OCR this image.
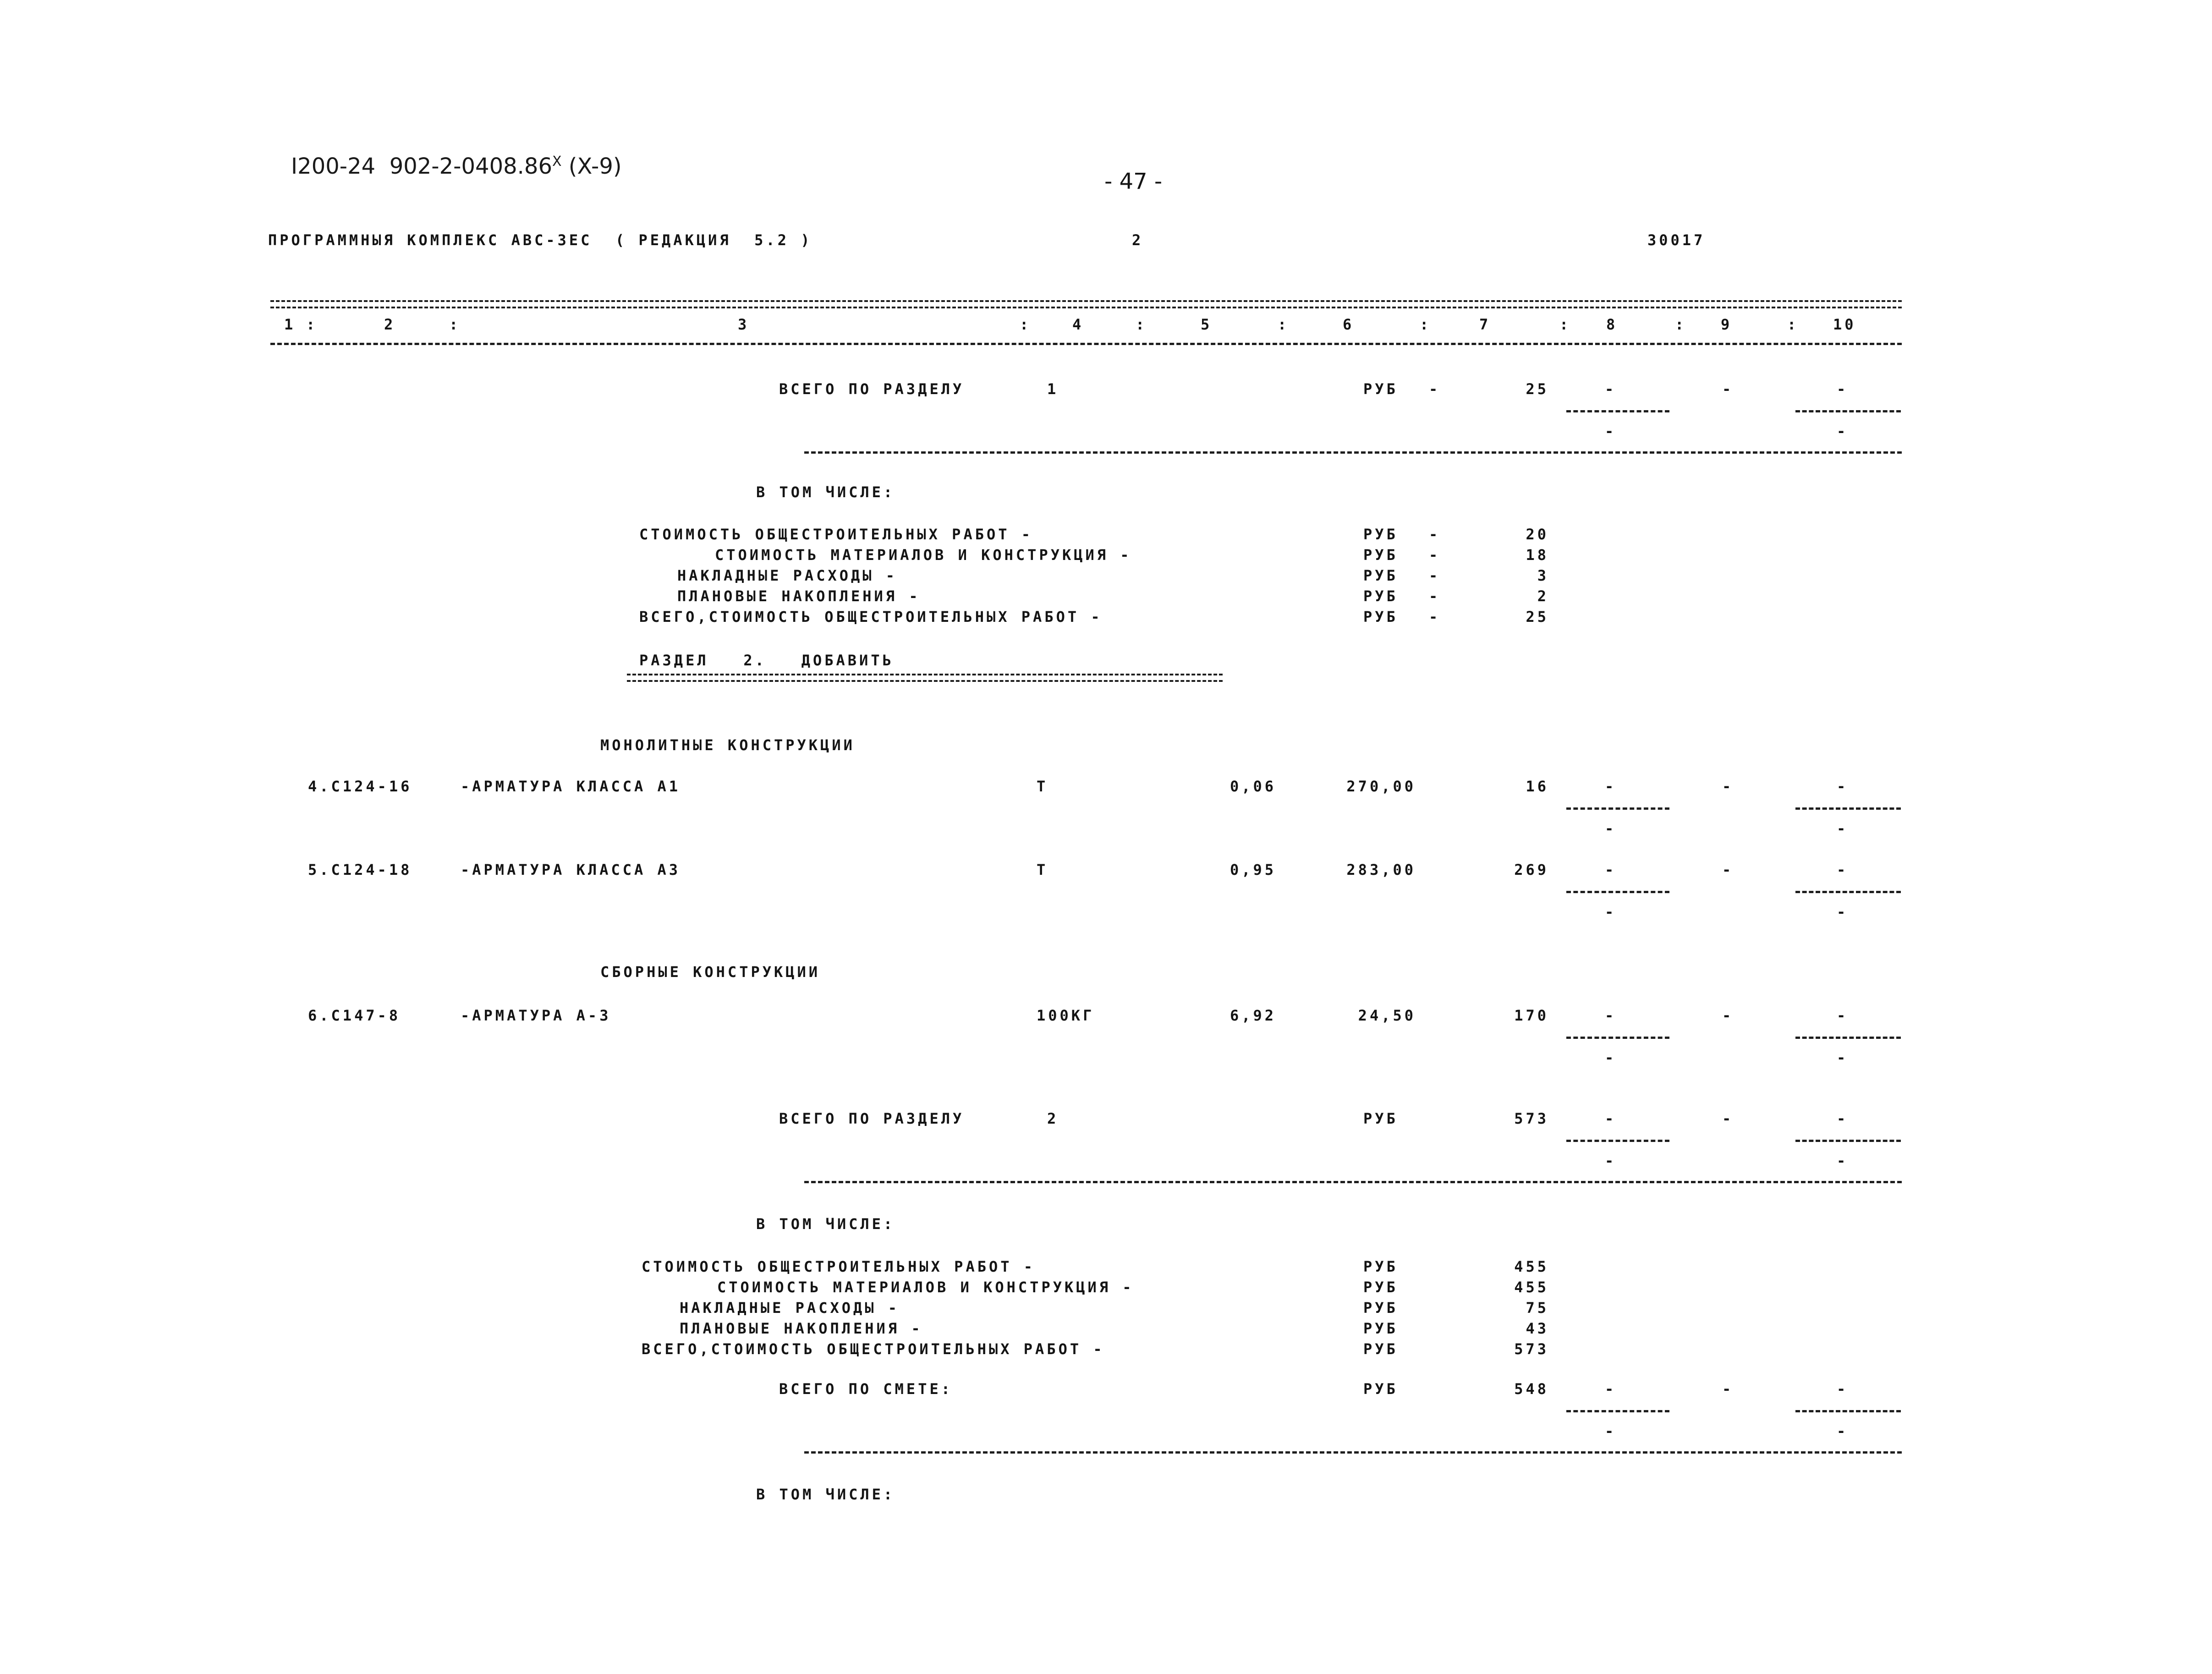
I200-24  $902-2-0408.86^X$ (X-9)
- 47 -
ПРОГРАММНЫЯ КОМПЛЕКС АВС-ЗЕС  ( РЕДАКЦИЯ  5.2 )	2	30017
1 :	2	:	3	:	4	:	5	:	6	:	7	: 8	: 9	: 10
ВСЕГО ПО РАЗДЕЛУ	1	РУБ -	25	-	-	-
-	-
В ТОМ ЧИСЛЕ:
СТОИМОСТЬ ОБЩЕСТРОИТЕЛЬНЫХ РАБОТ -	РУБ -	20
СТОИМОСТЬ МАТЕРИАЛОВ И КОНСТРУКЦИЯ -	РУБ -	18
НАКЛАДНЫЕ РАСХОДЫ -	РУБ -	3
ПЛАНОВЫЕ НАКОПЛЕНИЯ -	РУБ -	2
ВСЕГО,СТОИМОСТЬ ОБЩЕСТРОИТЕЛЬНЫХ РАБОТ -	РУБ -	25
РАЗДЕЛ   2.   ДОБАВИТЬ
МОНОЛИТНЫЕ КОНСТРУКЦИИ
4.С124-16	-АРМАТУРА КЛАССА А1	Т	0,06	270,00	16	-	-	-
-	-
5.С124-18	-АРМАТУРА КЛАССА А3	Т	0,95	283,00	269	-	-	-
-	-
СБОРНЫЕ КОНСТРУКЦИИ
6.С147-8	-АРМАТУРА А-3	100КГ	6,92	24,50	170	-	-	-
-	-
ВСЕГО ПО РАЗДЕЛУ	2	РУБ	573	-	-	-
-	-
В ТОМ ЧИСЛЕ:
СТОИМОСТЬ ОБЩЕСТРОИТЕЛЬНЫХ РАБОТ -	РУБ	455
СТОИМОСТЬ МАТЕРИАЛОВ И КОНСТРУКЦИЯ -	РУБ	455
НАКЛАДНЫЕ РАСХОДЫ -	РУБ	75
ПЛАНОВЫЕ НАКОПЛЕНИЯ -	РУБ	43
ВСЕГО,СТОИМОСТЬ ОБЩЕСТРОИТЕЛЬНЫХ РАБОТ -	РУБ	573
ВСЕГО ПО СМЕТЕ:	РУБ	548	-	-	-
-	-
В ТОМ ЧИСЛЕ:
